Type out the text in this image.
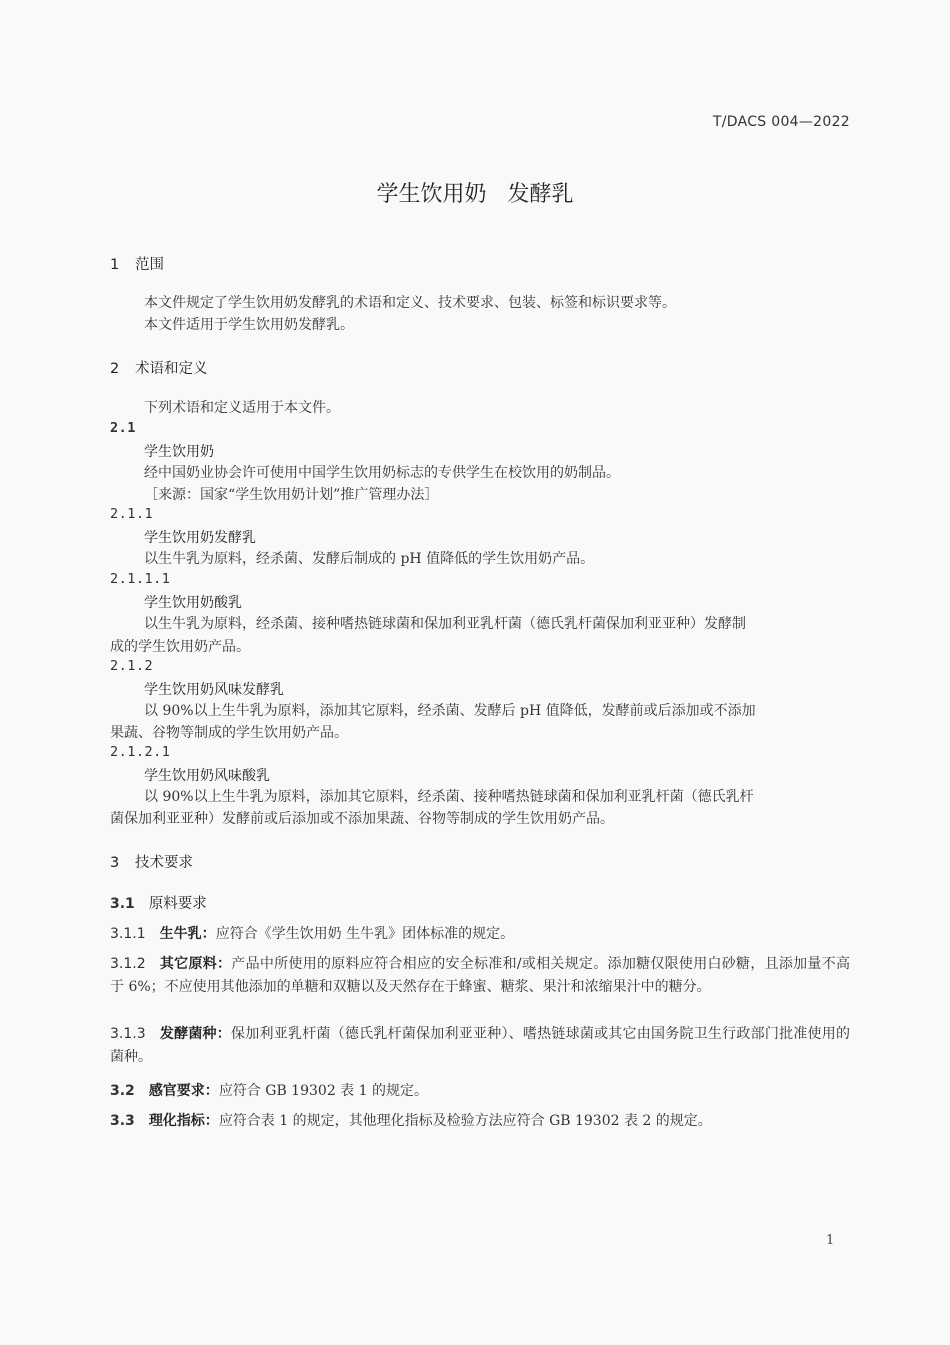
T/DACS 004—2022
学生饮用奶   发酵乳
1 范围
本文件规定了学生饮用奶发酵乳的术语和定义、技术要求、包装、标签和标识要求等。
本文件适用于学生饮用奶发酵乳。
2 术语和定义
下列术语和定义适用于本文件。
2.1
学生饮用奶
经中国奶业协会许可使用中国学生饮用奶标志的专供学生在校饮用的奶制品。
［来源：国家“学生饮用奶计划”推广管理办法］
2.1.1
学生饮用奶发酵乳
以生牛乳为原料，经杀菌、发酵后制成的 pH 值降低的学生饮用奶产品。
2.1.1.1
学生饮用奶酸乳
以生牛乳为原料，经杀菌、接种嗜热链球菌和保加利亚乳杆菌（德氏乳杆菌保加利亚亚种）发酵制
成的学生饮用奶产品。
2.1.2
学生饮用奶风味发酵乳
以 90%以上生牛乳为原料，添加其它原料，经杀菌、发酵后 pH 值降低，发酵前或后添加或不添加
果蔬、谷物等制成的学生饮用奶产品。
2.1.2.1
学生饮用奶风味酸乳
以 90%以上生牛乳为原料，添加其它原料，经杀菌、接种嗜热链球菌和保加利亚乳杆菌（德氏乳杆
菌保加利亚亚种）发酵前或后添加或不添加果蔬、谷物等制成的学生饮用奶产品。
3 技术要求
3.1 原料要求
3.1.1 生牛乳：应符合《学生饮用奶 生牛乳》团体标准的规定。
3.1.2 其它原料：产品中所使用的原料应符合相应的安全标准和/或相关规定。添加糖仅限使用白砂糖，且添加量不高于 6%；不应使用其他添加的单糖和双糖以及天然存在于蜂蜜、糖浆、果汁和浓缩果汁中的糖分。
3.1.3 发酵菌种：保加利亚乳杆菌（德氏乳杆菌保加利亚亚种）、嗜热链球菌或其它由国务院卫生行政部门批准使用的菌种。
3.2 感官要求：应符合 GB 19302 表 1 的规定。
3.3 理化指标：应符合表 1 的规定，其他理化指标及检验方法应符合 GB 19302 表 2 的规定。
1
